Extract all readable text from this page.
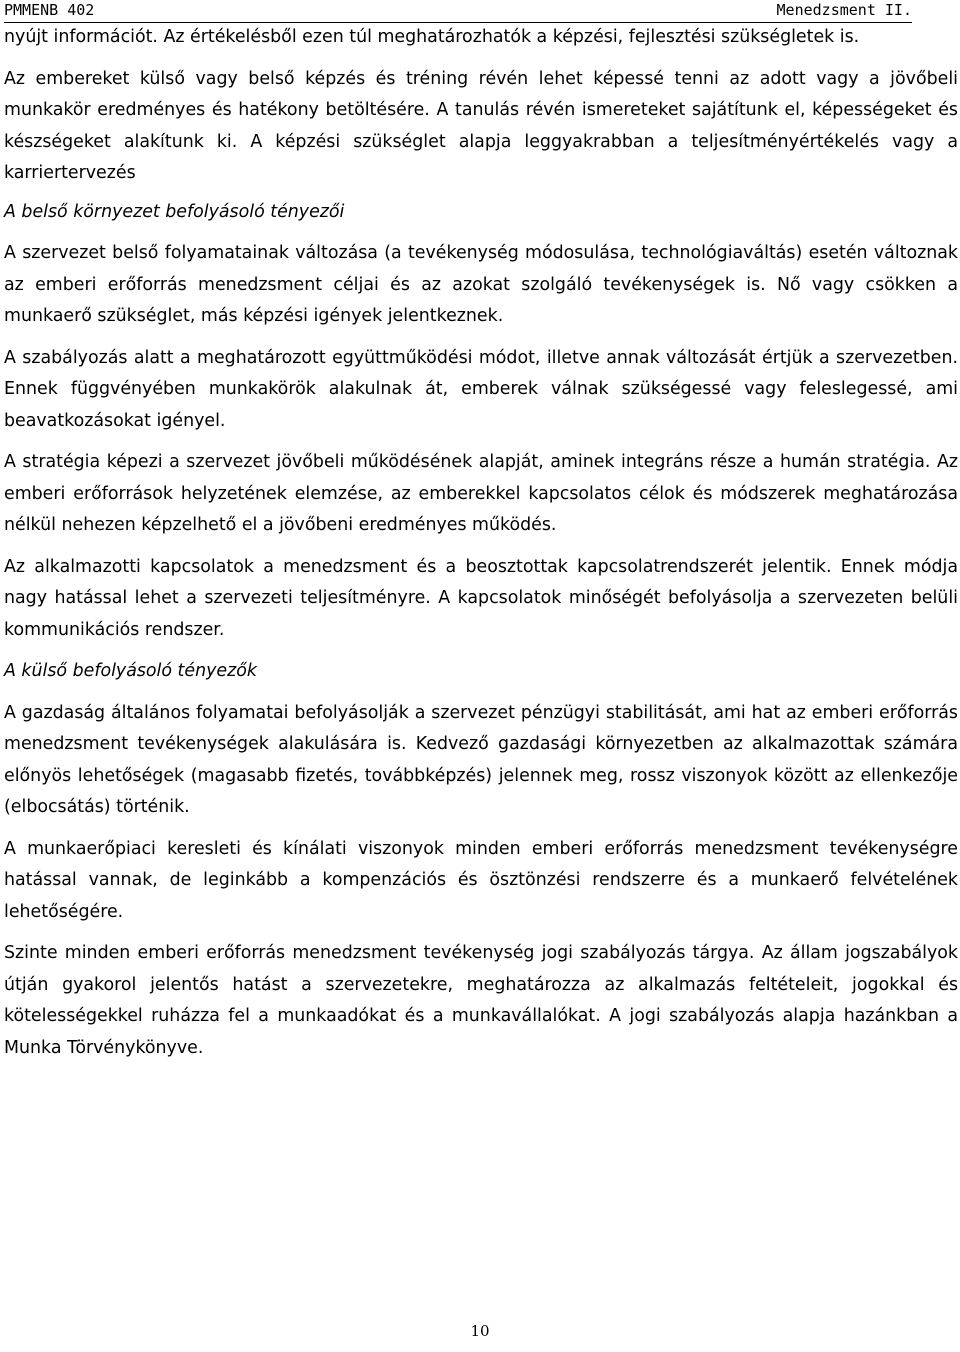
PMMENB 402	Menedzsment II.

nyújt információt. Az értékelésből ezen túl meghatározhatók a képzési, fejlesztési szükségletek is.

Az embereket külső vagy belső képzés és tréning révén lehet képessé tenni az adott vagy a jövőbeli munkakör eredményes és hatékony betöltésére. A tanulás révén ismereteket sajátítunk el, képességeket és készségeket alakítunk ki. A képzési szükséglet alapja leggyakrabban a teljesítményértékelés vagy a karriertervezés

A belső környezet befolyásoló tényezői

A szervezet belső folyamatainak változása (a tevékenység módosulása, technológiaváltás) esetén változnak az emberi erőforrás menedzsment céljai és az azokat szolgáló tevékenységek is. Nő vagy csökken a munkaerő szükséglet, más képzési igények jelentkeznek.

A szabályozás alatt a meghatározott együttműködési módot, illetve annak változását értjük a szervezetben. Ennek függvényében munkakörök alakulnak át, emberek válnak szükségessé vagy feleslegessé, ami beavatkozásokat igényel.

A stratégia képezi a szervezet jövőbeli működésének alapját, aminek integráns része a humán stratégia. Az emberi erőforrások helyzetének elemzése, az emberekkel kapcsolatos célok és módszerek meghatározása nélkül nehezen képzelhető el a jövőbeni eredményes működés.

Az alkalmazotti kapcsolatok a menedzsment és a beosztottak kapcsolatrendszerét jelentik. Ennek módja nagy hatással lehet a szervezeti teljesítményre. A kapcsolatok minőségét befolyásolja a szervezeten belüli kommunikációs rendszer.

A külső befolyásoló tényezők

A gazdaság általános folyamatai befolyásolják a szervezet pénzügyi stabilitását, ami hat az emberi erőforrás menedzsment tevékenységek alakulására is. Kedvező gazdasági környezetben az alkalmazottak számára előnyös lehetőségek (magasabb fizetés, továbbképzés) jelennek meg, rossz viszonyok között az ellenkezője (elbocsátás) történik.

A munkaerőpiaci keresleti és kínálati viszonyok minden emberi erőforrás menedzsment tevékenységre hatással vannak, de leginkább a kompenzációs és ösztönzési rendszerre és a munkaerő felvételének lehetőségére.

Szinte minden emberi erőforrás menedzsment tevékenység jogi szabályozás tárgya. Az állam jogszabályok útján gyakorol jelentős hatást a szervezetekre, meghatározza az alkalmazás feltételeit, jogokkal és kötelességekkel ruházza fel a munkaadókat és a munkavállalókat. A jogi szabályozás alapja hazánkban a Munka Törvénykönyve.

10
